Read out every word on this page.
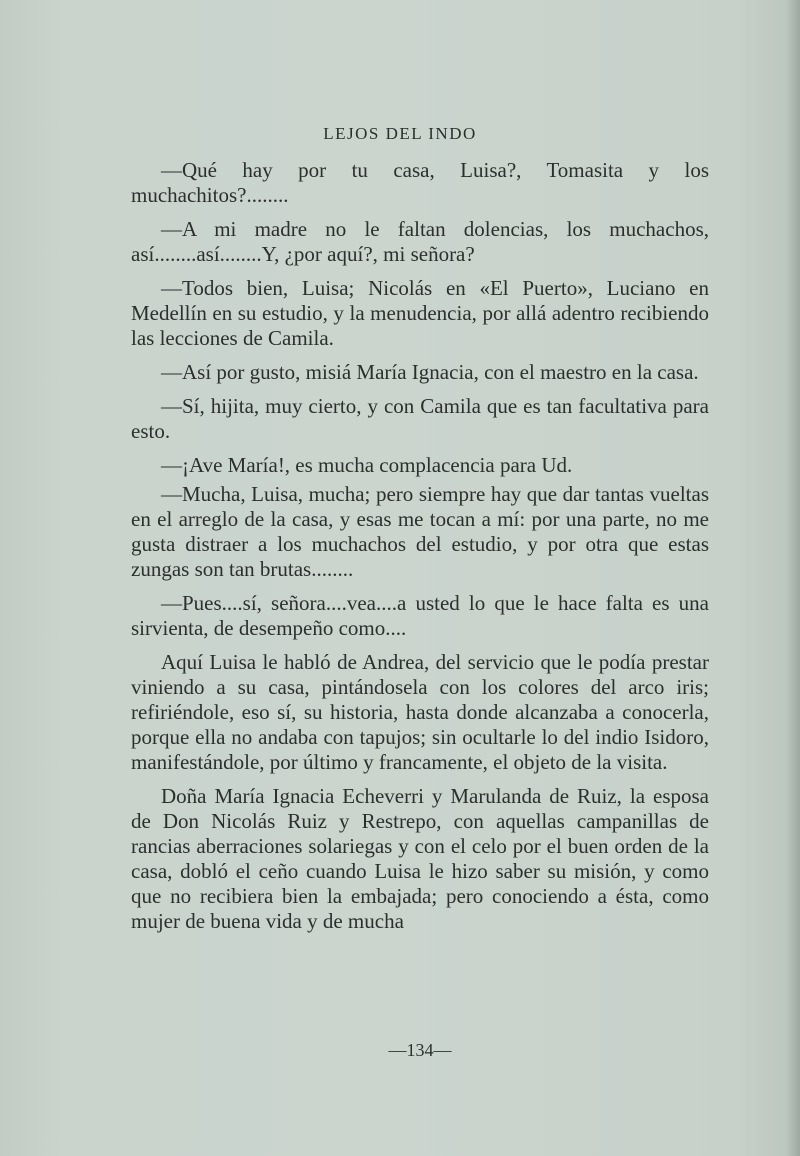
LEJOS DEL INDO

—Qué hay por tu casa, Luisa?, Tomasita y los muchachitos?........

—A mi madre no le faltan dolencias, los muchachos, así........así........Y, ¿por aquí?, mi señora?

—Todos bien, Luisa; Nicolás en «El Puerto», Luciano en Medellín en su estudio, y la menudencia, por allá adentro recibiendo las lecciones de Camila.

—Así por gusto, misiá María Ignacia, con el maestro en la casa.

—Sí, hijita, muy cierto, y con Camila que es tan facultativa para esto.

—¡Ave María!, es mucha complacencia para Ud.

—Mucha, Luisa, mucha; pero siempre hay que dar tantas vueltas en el arreglo de la casa, y esas me tocan a mí: por una parte, no me gusta distraer a los muchachos del estudio, y por otra que estas zungas son tan brutas........

—Pues....sí, señora....vea....a usted lo que le hace falta es una sirvienta, de desempeño como....

Aquí Luisa le habló de Andrea, del servicio que le podía prestar viniendo a su casa, pintándosela con los colores del arco iris; refiriéndole, eso sí, su historia, hasta donde alcanzaba a conocerla, porque ella no andaba con tapujos; sin ocultarle lo del indio Isidoro, manifestándole, por último y francamente, el objeto de la visita.

Doña María Ignacia Echeverri y Marulanda de Ruiz, la esposa de Don Nicolás Ruiz y Restrepo, con aquellas campanillas de rancias aberraciones solariegas y con el celo por el buen orden de la casa, dobló el ceño cuando Luisa le hizo saber su misión, y como que no recibiera bien la embajada; pero conociendo a ésta, como mujer de buena vida y de mucha

—134—
